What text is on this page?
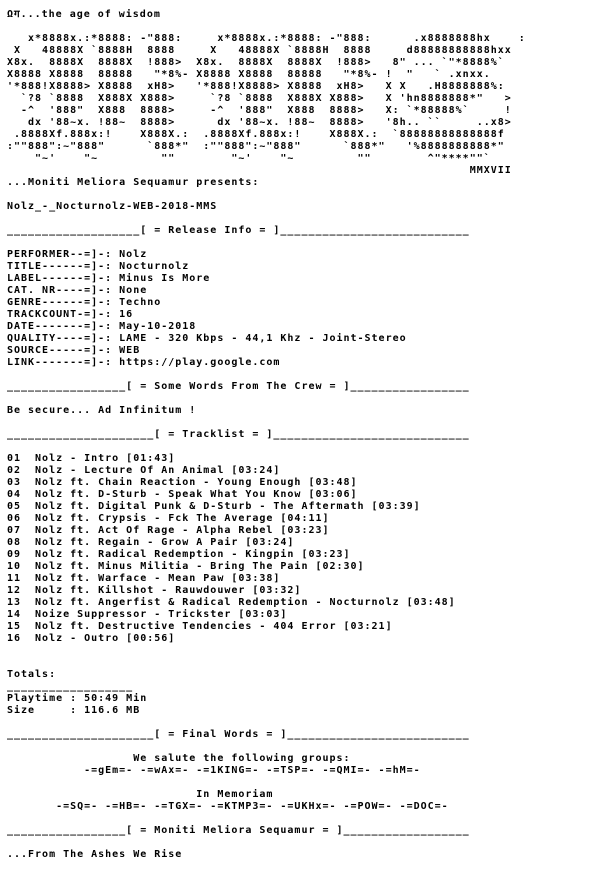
Ωग...the age of wisdom
x*8888x.:*8888: -"888:     x*8888x.:*8888: -"888:      .x8888888hx    :
X   48888X `8888H  8888     X   48888X `8888H  8888     d88888888888hxx
X8x.  8888X  8888X  !888>  X8x.  8888X  8888X  !888>   8" ... `"*8888%`
X8888 X8888  88888   "*8%- X8888 X8888  88888   "*8%- !  "   ` .xnxx.
'*888!X8888> X8888  xH8>   '*888!X8888> X8888  xH8>   X X   .H8888888%:
`?8 `8888  X888X X888>     `?8 `8888  X888X X888>   X 'hn8888888*"   >
-^  '888"  X888  8888>     -^  '888"  X888  8888>   X: `*88888%`     !
dx '88~x. !88~  8888>      dx '88~x. !88~  8888>   '8h.. ``     ..x8>
.8888Xf.888x:!    X888X.:  .8888Xf.888x:!    X888X.:  `88888888888888f
:""888":~"888"      `888*"  :""888":~"888"      `888*"   '%8888888888*"
"~'    "~         ""        "~'    "~         ""        ^"****""`
MMXVII
...Moniti Meliora Sequamur presents:
Nolz_-_Nocturnolz-WEB-2018-MMS
___________________[ = Release Info = ]___________________________
PERFORMER--=]-: Nolz
TITLE------=]-: Nocturnolz
LABEL------=]-: Minus Is More
CAT. NR----=]-: None
GENRE------=]-: Techno
TRACKCOUNT-=]-: 16
DATE-------=]-: May-10-2018
QUALITY----=]-: LAME - 320 Kbps - 44,1 Khz - Joint-Stereo
SOURCE-----=]-: WEB
LINK-------=]-: https://play.google.com
_________________[ = Some Words From The Crew = ]_________________
Be secure... Ad Infinitum !
_____________________[ = Tracklist = ]____________________________
01  Nolz - Intro [01:43]
02  Nolz - Lecture Of An Animal [03:24]
03  Nolz ft. Chain Reaction - Young Enough [03:48]
04  Nolz ft. D-Sturb - Speak What You Know [03:06]
05  Nolz ft. Digital Punk & D-Sturb - The Aftermath [03:39]
06  Nolz ft. Crypsis - Fck The Average [04:11]
07  Nolz ft. Act Of Rage - Alpha Rebel [03:23]
08  Nolz ft. Regain - Grow A Pair [03:24]
09  Nolz ft. Radical Redemption - Kingpin [03:23]
10  Nolz ft. Minus Militia - Bring The Pain [02:30]
11  Nolz ft. Warface - Mean Paw [03:38]
12  Nolz ft. Killshot - Rauwdouwer [03:32]
13  Nolz ft. Angerfist & Radical Redemption - Nocturnolz [03:48]
14  Noize Suppressor - Trickster [03:03]
15  Nolz ft. Destructive Tendencies - 404 Error [03:21]
16  Nolz - Outro [00:56]
Totals:
__________________
Playtime : 50:49 Min
Size     : 116.6 MB
_____________________[ = Final Words = ]__________________________
We salute the following groups:
-=gEm=- -=wAx=- -=1KING=- -=TSP=- -=QMI=- -=hM=-
In Memoriam
-=SQ=- -=HB=- -=TGX=- -=KTMP3=- -=UKHx=- -=POW=- -=DOC=-
_________________[ = Moniti Meliora Sequamur = ]__________________
...From The Ashes We Rise
